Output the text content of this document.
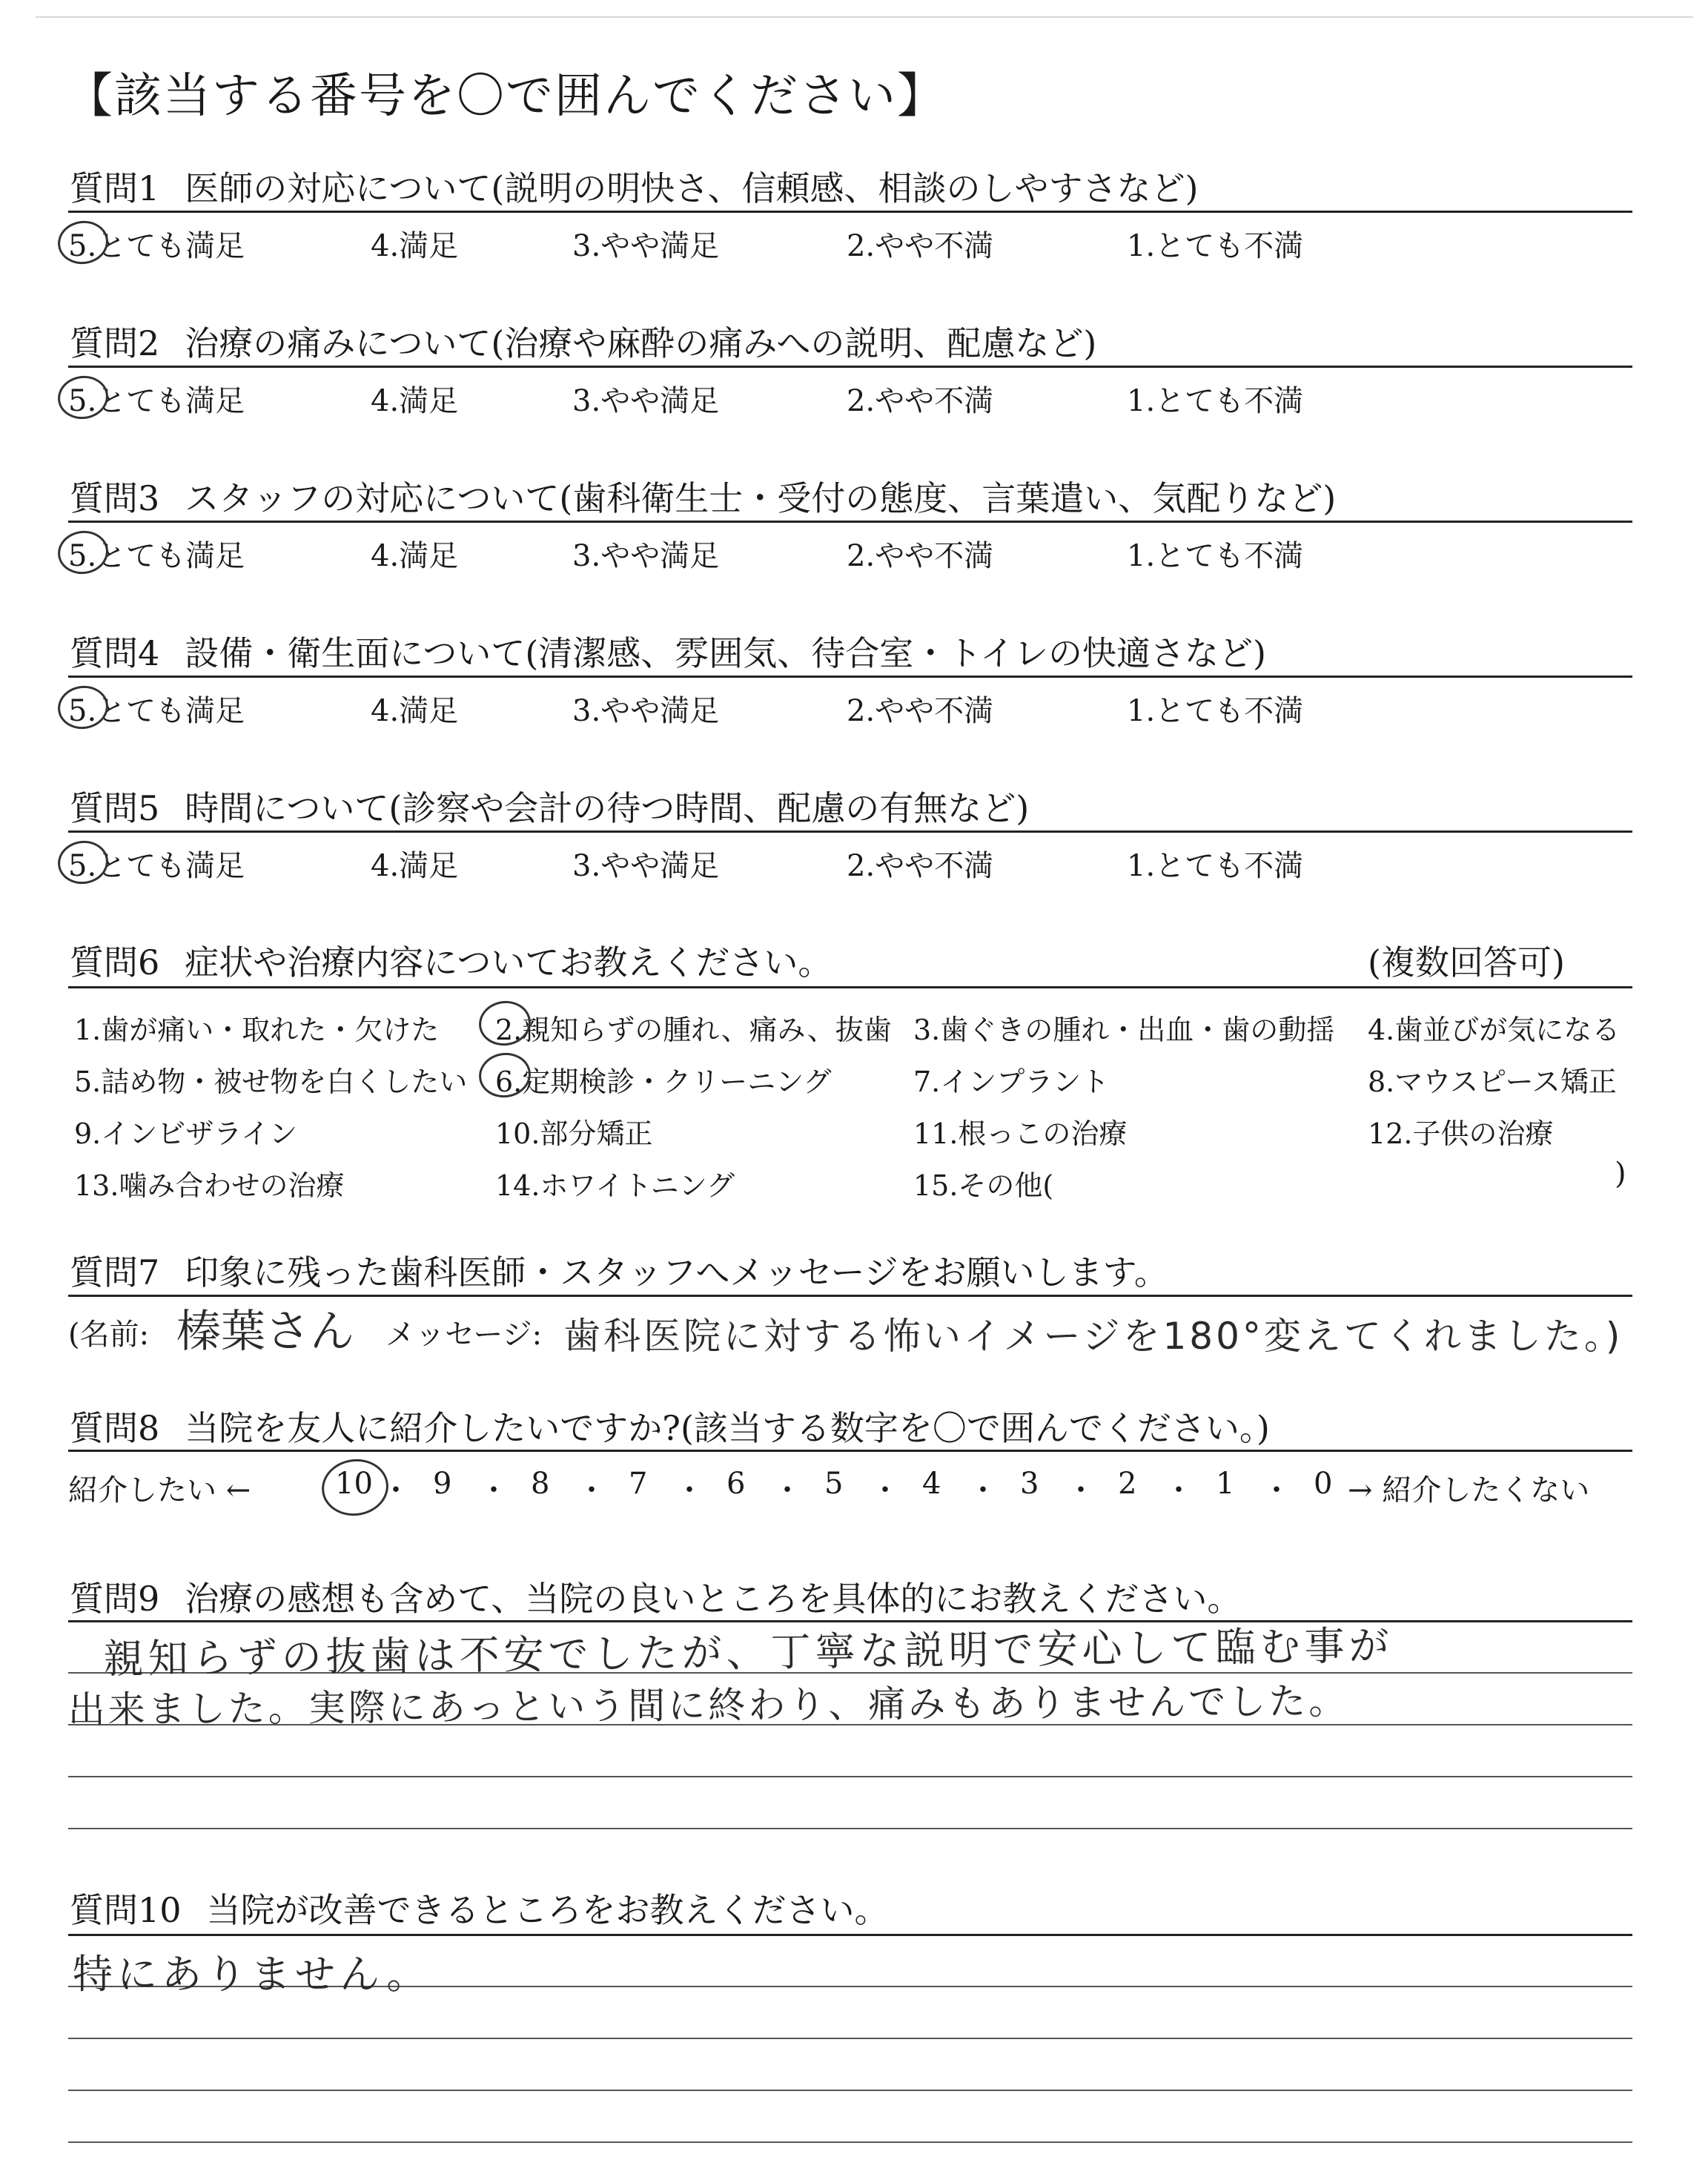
【該当する番号を〇で囲んでください】
質問1 医師の対応について(説明の明快さ、信頼感、相談のしやすさなど)
5.とても満足	4.満足	3.やや満足	2.やや不満	1.とても不満
質問2 治療の痛みについて(治療や麻酔の痛みへの説明、配慮など)
5.とても満足	4.満足	3.やや満足	2.やや不満	1.とても不満
質問3 スタッフの対応について(歯科衛生士・受付の態度、言葉遣い、気配りなど)
5.とても満足	4.満足	3.やや満足	2.やや不満	1.とても不満
質問4 設備・衛生面について(清潔感、雰囲気、待合室・トイレの快適さなど)
5.とても満足	4.満足	3.やや満足	2.やや不満	1.とても不満
質問5 時間について(診察や会計の待つ時間、配慮の有無など)
5.とても満足	4.満足	3.やや満足	2.やや不満	1.とても不満
質問6 症状や治療内容についてお教えください。	(複数回答可)
1.歯が痛い・取れた・欠けた 2.親知らずの腫れ、痛み、抜歯 3.歯ぐきの腫れ・出血・歯の動揺 4.歯並びが気になる
5.詰め物・被せ物を白くしたい 6.定期検診・クリーニング	7.インプラント	8.マウスピース矯正
9.インビザライン	10.部分矯正	11.根っこの治療	12.子供の治療
13.噛み合わせの治療	14.ホワイトニング	15.その他(	)
質問7 印象に残った歯科医師・スタッフへメッセージをお願いします。
(名前: 榛葉さん メッセージ: 歯科医院に対する怖いイメージを180°変えてくれました。)
質問8 当院を友人に紹介したいですか?(該当する数字を〇で囲んでください。)
紹介したい ←	→ 紹介したくない
10 ・ 9 ・ 8 ・ 7 ・ 6 ・ 5 ・ 4 ・ 3 ・ 2 ・ 1 ・ 0
質問9 治療の感想も含めて、当院の良いところを具体的にお教えください。
親知らずの抜歯は不安でしたが、丁寧な説明で安心して臨む事が
出来ました。実際にあっという間に終わり、痛みもありませんでした。
質問10 当院が改善できるところをお教えください。
特にありません。
